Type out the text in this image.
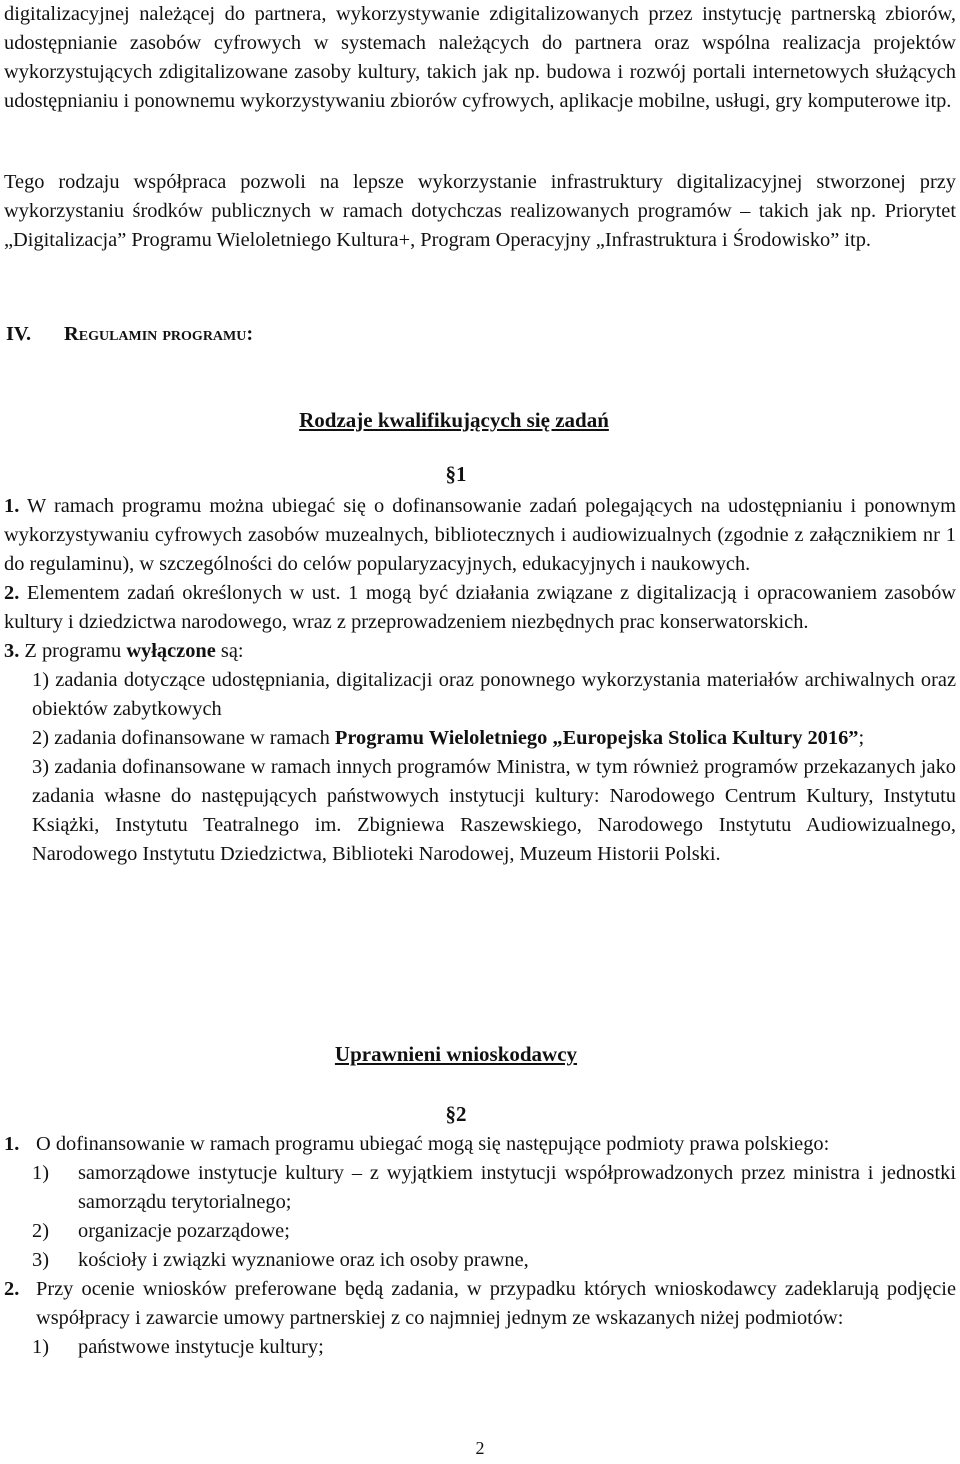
digitalizacyjnej należącej do partnera, wykorzystywanie zdigitalizowanych przez instytucję partnerską zbiorów, udostępnianie zasobów cyfrowych w systemach należących do partnera oraz wspólna realizacja projektów wykorzystujących zdigitalizowane zasoby kultury, takich jak np. budowa i rozwój portali internetowych służących udostępnianiu i ponownemu wykorzystywaniu zbiorów cyfrowych, aplikacje mobilne, usługi, gry komputerowe itp.

Tego rodzaju współpraca pozwoli na lepsze wykorzystanie infrastruktury digitalizacyjnej stworzonej przy wykorzystaniu środków publicznych w ramach dotychczas realizowanych programów – takich jak np. Priorytet „Digitalizacja” Programu Wieloletniego Kultura+, Program Operacyjny „Infrastruktura i Środowisko” itp.

IV. Regulamin programu:

Rodzaje kwalifikujących się zadań

§1

1. W ramach programu można ubiegać się o dofinansowanie zadań polegających na udostępnianiu i ponownym wykorzystywaniu cyfrowych zasobów muzealnych, bibliotecznych i audiowizualnych (zgodnie z załącznikiem nr 1 do regulaminu), w szczególności do celów popularyzacyjnych, edukacyjnych i naukowych.

2. Elementem zadań określonych w ust. 1 mogą być działania związane z digitalizacją i opracowaniem zasobów kultury i dziedzictwa narodowego, wraz z przeprowadzeniem niezbędnych prac konserwatorskich.

3. Z programu wyłączone są:

1) zadania dotyczące udostępniania, digitalizacji oraz ponownego wykorzystania materiałów archiwalnych oraz obiektów zabytkowych

2) zadania dofinansowane w ramach Programu Wieloletniego „Europejska Stolica Kultury 2016”;

3) zadania dofinansowane w ramach innych programów Ministra, w tym również programów przekazanych jako zadania własne do następujących państwowych instytucji kultury: Narodowego Centrum Kultury, Instytutu Książki, Instytutu Teatralnego im. Zbigniewa Raszewskiego, Narodowego Instytutu Audiowizualnego, Narodowego Instytutu Dziedzictwa, Biblioteki Narodowej, Muzeum Historii Polski.

Uprawnieni wnioskodawcy

§2

1. O dofinansowanie w ramach programu ubiegać mogą się następujące podmioty prawa polskiego:

1) samorządowe instytucje kultury – z wyjątkiem instytucji współprowadzonych przez ministra i jednostki samorządu terytorialnego;

2) organizacje pozarządowe;

3) kościoły i związki wyznaniowe oraz ich osoby prawne,

2. Przy ocenie wniosków preferowane będą zadania, w przypadku których wnioskodawcy zadeklarują podjęcie współpracy i zawarcie umowy partnerskiej z co najmniej jednym ze wskazanych niżej podmiotów:

1) państwowe instytucje kultury;

2
